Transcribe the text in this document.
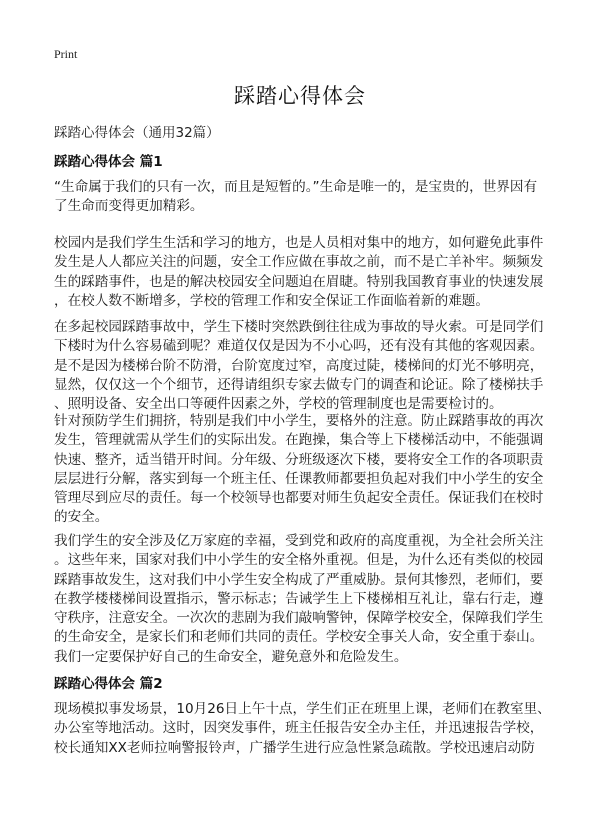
Print
踩踏心得体会

踩踏心得体会（通用32篇）

踩踏心得体会 篇1

“生命属于我们的只有一次，而且是短暂的。”生命是唯一的，是宝贵的，世界因有
了生命而变得更加精彩。

校园内是我们学生生活和学习的地方，也是人员相对集中的地方，如何避免此事件
发生是人人都应关注的问题，安全工作应做在事故之前，而不是亡羊补牢。频频发
生的踩踏事件，也是的解决校园安全问题迫在眉睫。特别我国教育事业的快速发展
，在校人数不断增多，学校的管理工作和安全保证工作面临着新的难题。

在多起校园踩踏事故中，学生下楼时突然跌倒往往成为事故的导火索。可是同学们
下楼时为什么容易磕到呢？难道仅仅是因为不小心吗，还有没有其他的客观因素。
是不是因为楼梯台阶不防滑，台阶宽度过窄，高度过陡，楼梯间的灯光不够明亮，
显然，仅仅这一个个细节，还得请组织专家去做专门的调查和论证。除了楼梯扶手
、照明设备、安全出口等硬件因素之外，学校的管理制度也是需要检讨的。

针对预防学生们拥挤，特别是我们中小学生，要格外的注意。防止踩踏事故的再次
发生，管理就需从学生们的实际出发。在跑操，集合等上下楼梯活动中，不能强调
快速、整齐，适当错开时间。分年级、分班级逐次下楼，要将安全工作的各项职责
层层进行分解，落实到每一个班主任、任课教师都要担负起对我们中小学生的安全
管理尽到应尽的责任。每一个校领导也都要对师生负起安全责任。保证我们在校时
的安全。

我们学生的安全涉及亿万家庭的幸福，受到党和政府的高度重视，为全社会所关注
。这些年来，国家对我们中小学生的安全格外重视。但是，为什么还有类似的校园
踩踏事故发生，这对我们中小学生安全构成了严重威胁。景何其惨烈，老师们，要
在教学楼楼梯间设置指示，警示标志；告诫学生上下楼梯相互礼让，靠右行走，遵
守秩序，注意安全。一次次的悲剧为我们敲响警钟，保障学校安全，保障我们学生
的生命安全，是家长们和老师们共同的责任。学校安全事关人命，安全重于泰山。
我们一定要保护好自己的生命安全，避免意外和危险发生。

踩踏心得体会 篇2

现场模拟事发场景，10月26日上午十点，学生们正在班里上课，老师们在教室里、
办公室等地活动。这时，因突发事件，班主任报告安全办主任，并迅速报告学校，
校长通知XX老师拉响警报铃声，广播学生进行应急性紧急疏散。学校迅速启动防
